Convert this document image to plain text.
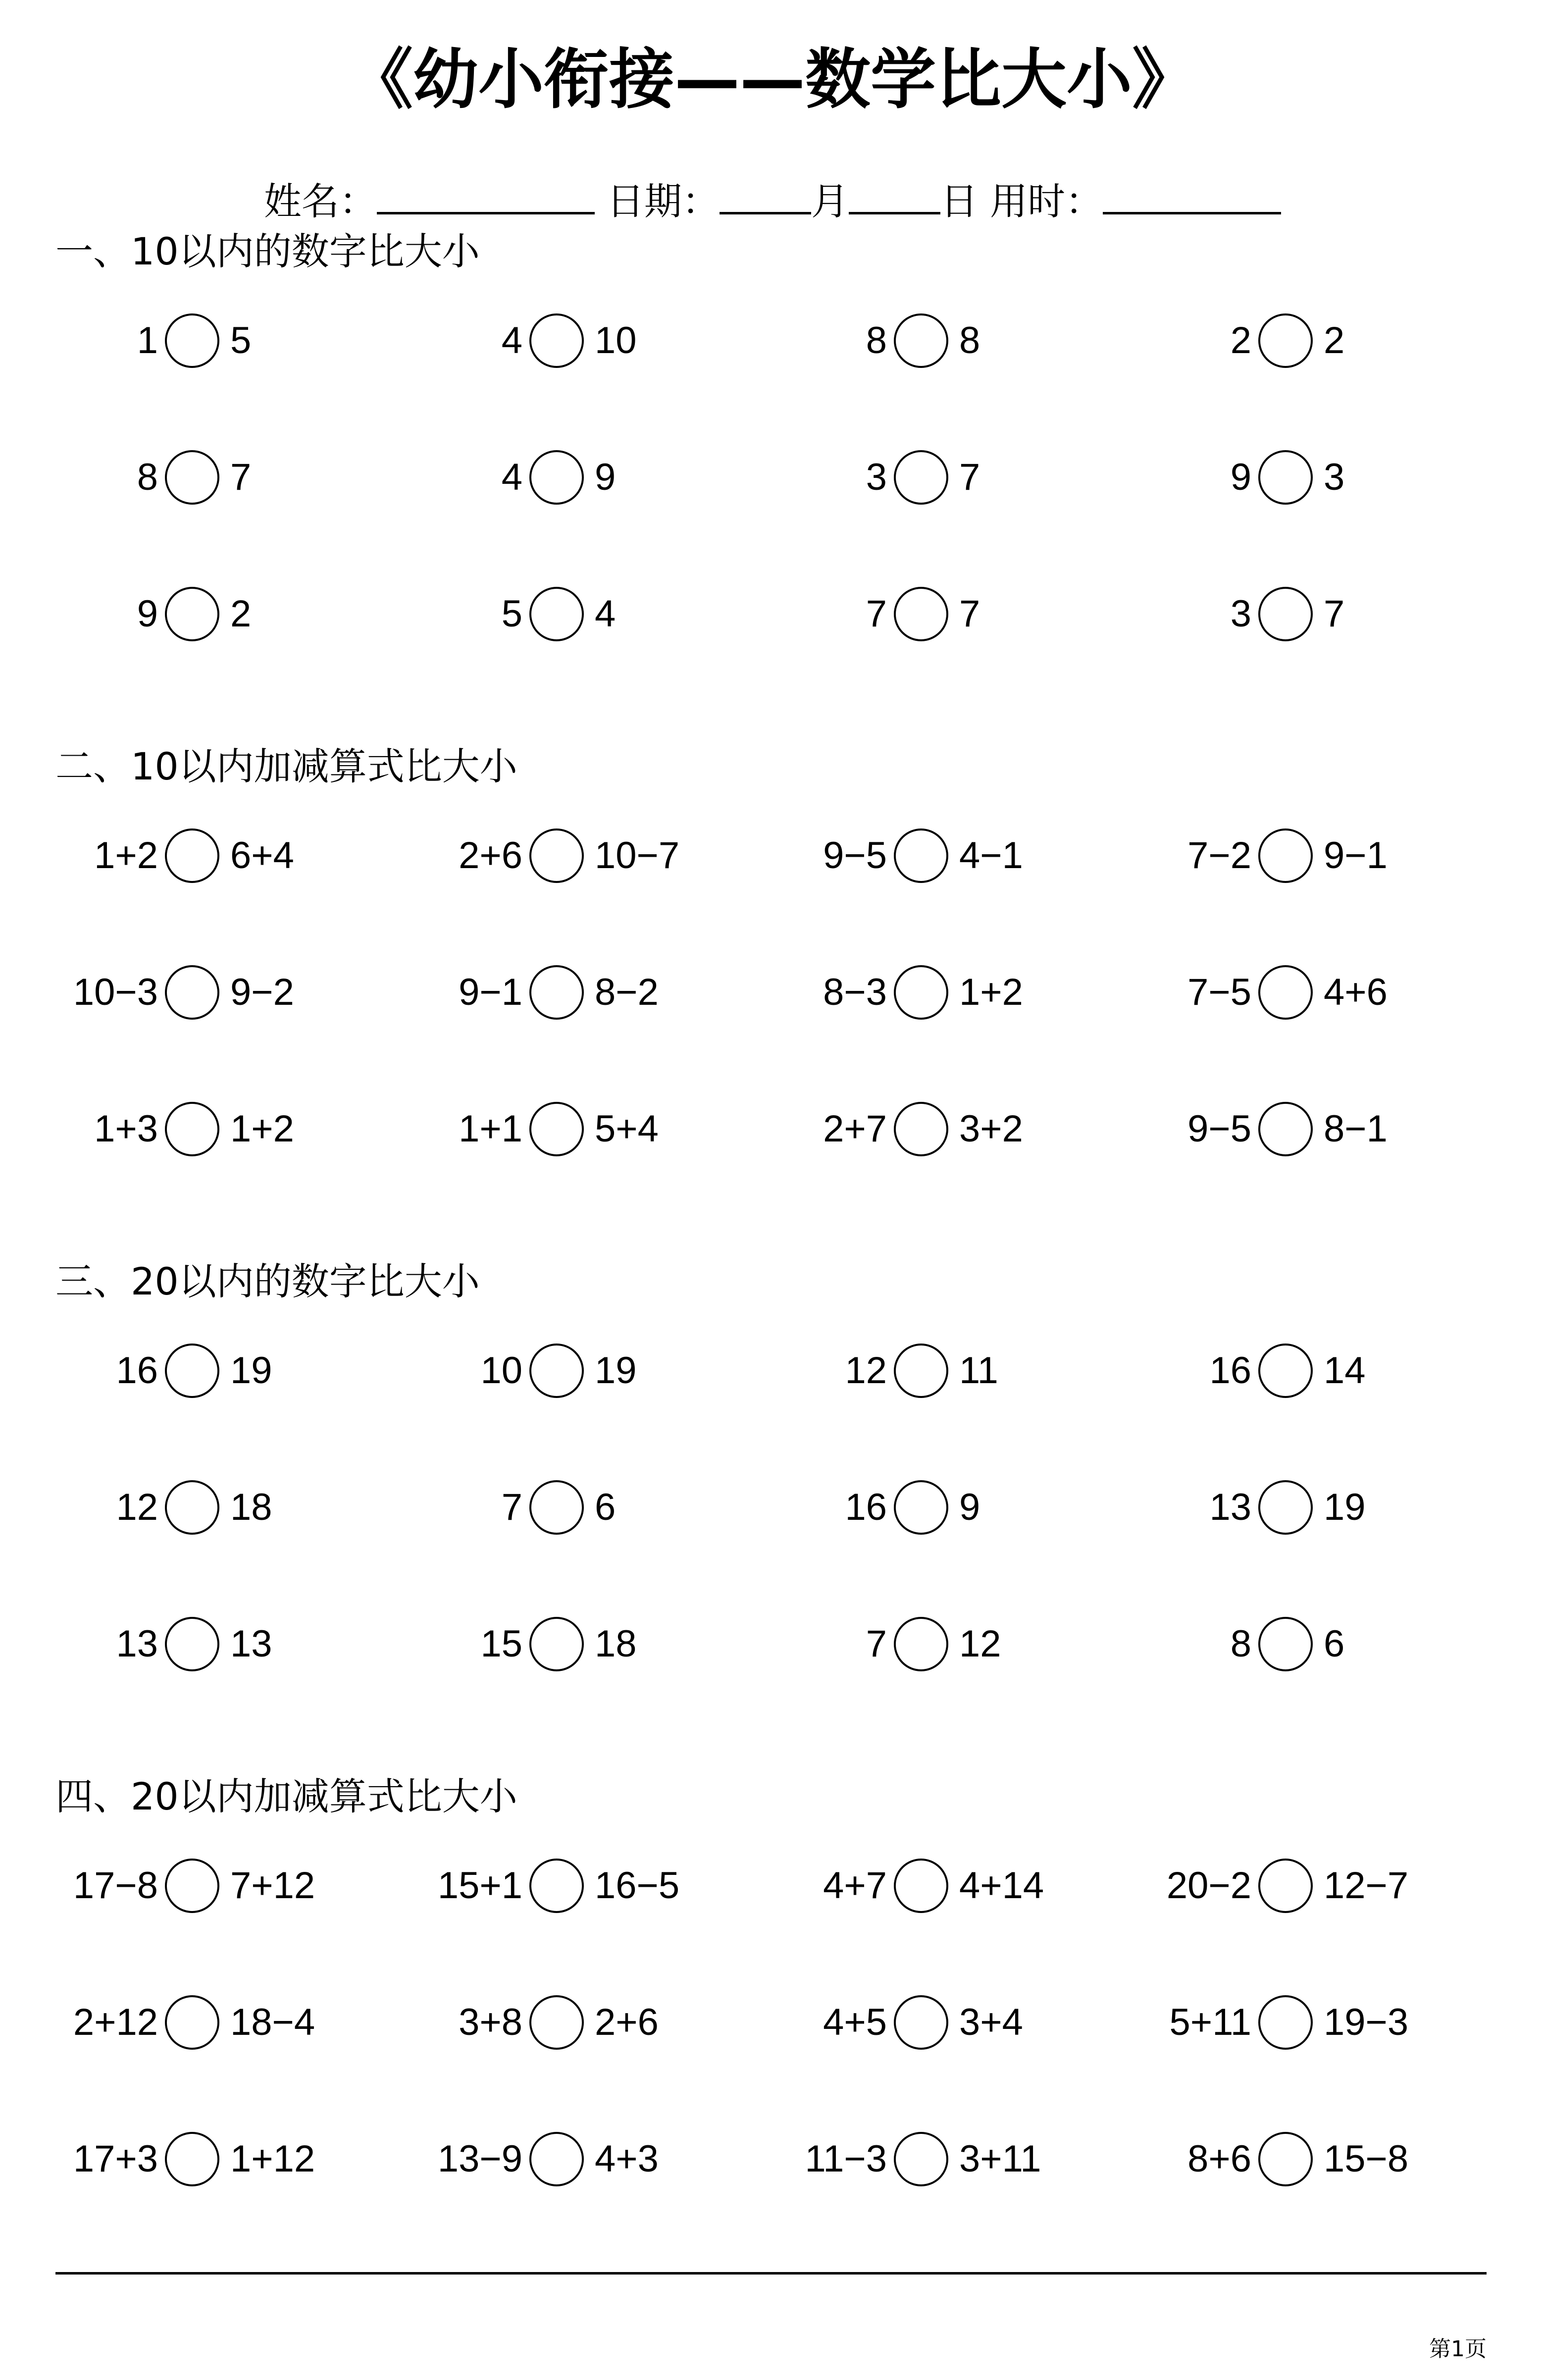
《幼小衔接——数学比大小》
姓名：	日期： 月 日 用时：
一、10以内的数字比大小
二、10以内加减算式比大小
三、20以内的数字比大小
四、20以内加减算式比大小
1 5	4 10	8 8	2 2
8 7	4 9	3 7	9 3
9 2	5 4	7 7	3 7
1+2 6+4	2+6 10−7	9−5 4−1	7−2 9−1
10−3 9−2	9−1 8−2	8−3 1+2	7−5 4+6
1+3 1+2	1+1 5+4	2+7 3+2	9−5 8−1
16 19	10 19	12 11	16 14
12 18	7 6	16 9	13 19
13 13	15 18	7 12	8 6
17−8 7+12	15+1 16−5	4+7 4+14	20−2 12−7
2+12 18−4	3+8 2+6	4+5 3+4	5+11 19−3
17+3 1+12	13−9 4+3	11−3 3+11	8+6 15−8
第1页
